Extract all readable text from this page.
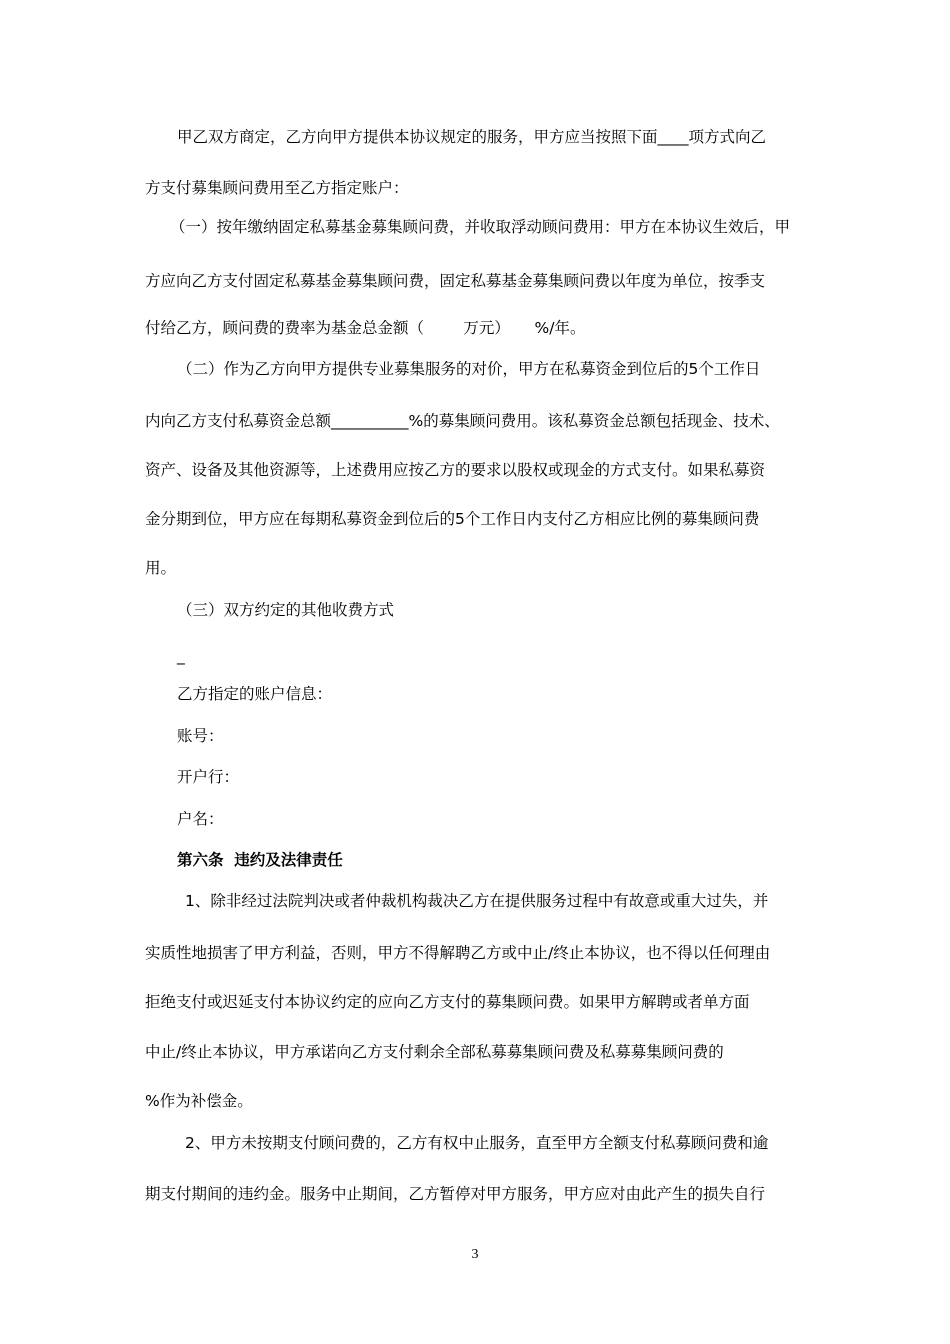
甲乙双方商定，乙方向甲方提供本协议规定的服务，甲方应当按照下面____项方式向乙
方支付募集顾问费用至乙方指定账户：
（一）按年缴纳固定私募基金募集顾问费，并收取浮动顾问费用：甲方在本协议生效后，甲
方应向乙方支付固定私募基金募集顾问费，固定私募基金募集顾问费以年度为单位，按季支
付给乙方，顾问费的费率为基金总金额（        万元）     %/年。
（二）作为乙方向甲方提供专业募集服务的对价，甲方在私募资金到位后的5个工作日
内向乙方支付私募资金总额__________%的募集顾问费用。该私募资金总额包括现金、技术、
资产、设备及其他资源等，上述费用应按乙方的要求以股权或现金的方式支付。如果私募资
金分期到位，甲方应在每期私募资金到位后的5个工作日内支付乙方相应比例的募集顾问费
用。
（三）双方约定的其他收费方式
_
乙方指定的账户信息：
账号：
开户行：
户名：
第六条  违约及法律责任
1、除非经过法院判决或者仲裁机构裁决乙方在提供服务过程中有故意或重大过失，并
实质性地损害了甲方利益，否则，甲方不得解聘乙方或中止/终止本协议，也不得以任何理由
拒绝支付或迟延支付本协议约定的应向乙方支付的募集顾问费。如果甲方解聘或者单方面
中止/终止本协议，甲方承诺向乙方支付剩余全部私募募集顾问费及私募募集顾问费的
%作为补偿金。
2、甲方未按期支付顾问费的，乙方有权中止服务，直至甲方全额支付私募顾问费和逾
期支付期间的违约金。服务中止期间，乙方暂停对甲方服务，甲方应对由此产生的损失自行
3
